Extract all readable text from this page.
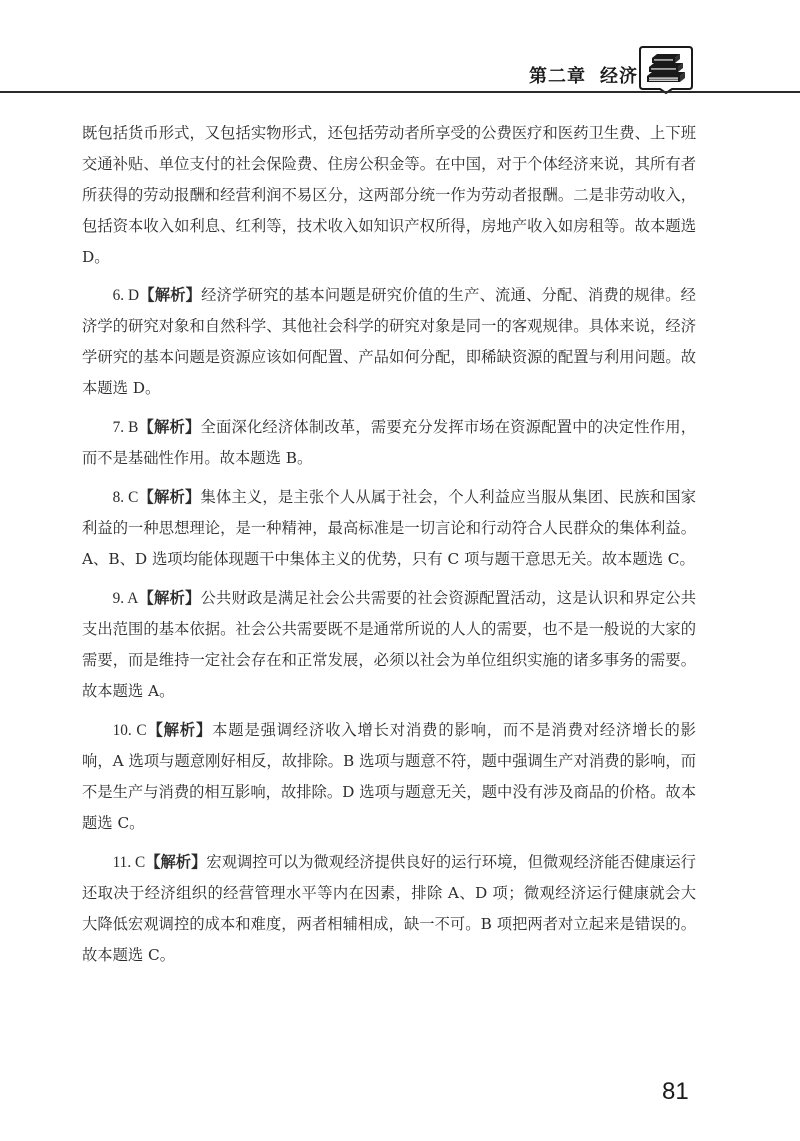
第二章 经济

既包括货币形式，又包括实物形式，还包括劳动者所享受的公费医疗和医药卫生费、上下班交通补贴、单位支付的社会保险费、住房公积金等。在中国，对于个体经济来说，其所有者所获得的劳动报酬和经营利润不易区分，这两部分统一作为劳动者报酬。二是非劳动收入，包括资本收入如利息、红利等，技术收入如知识产权所得，房地产收入如房租等。故本题选 D。

6. D【解析】经济学研究的基本问题是研究价值的生产、流通、分配、消费的规律。经济学的研究对象和自然科学、其他社会科学的研究对象是同一的客观规律。具体来说，经济学研究的基本问题是资源应该如何配置、产品如何分配，即稀缺资源的配置与利用问题。故本题选 D。

7. B【解析】全面深化经济体制改革，需要充分发挥市场在资源配置中的决定性作用，而不是基础性作用。故本题选 B。

8. C【解析】集体主义，是主张个人从属于社会，个人利益应当服从集团、民族和国家利益的一种思想理论，是一种精神，最高标准是一切言论和行动符合人民群众的集体利益。A、B、D 选项均能体现题干中集体主义的优势，只有 C 项与题干意思无关。故本题选 C。

9. A【解析】公共财政是满足社会公共需要的社会资源配置活动，这是认识和界定公共支出范围的基本依据。社会公共需要既不是通常所说的人人的需要，也不是一般说的大家的需要，而是维持一定社会存在和正常发展，必须以社会为单位组织实施的诸多事务的需要。故本题选 A。

10. C【解析】本题是强调经济收入增长对消费的影响，而不是消费对经济增长的影响，A 选项与题意刚好相反，故排除。B 选项与题意不符，题中强调生产对消费的影响，而不是生产与消费的相互影响，故排除。D 选项与题意无关，题中没有涉及商品的价格。故本题选 C。

11. C【解析】宏观调控可以为微观经济提供良好的运行环境，但微观经济能否健康运行还取决于经济组织的经营管理水平等内在因素，排除 A、D 项；微观经济运行健康就会大大降低宏观调控的成本和难度，两者相辅相成，缺一不可。B 项把两者对立起来是错误的。故本题选 C。

81
